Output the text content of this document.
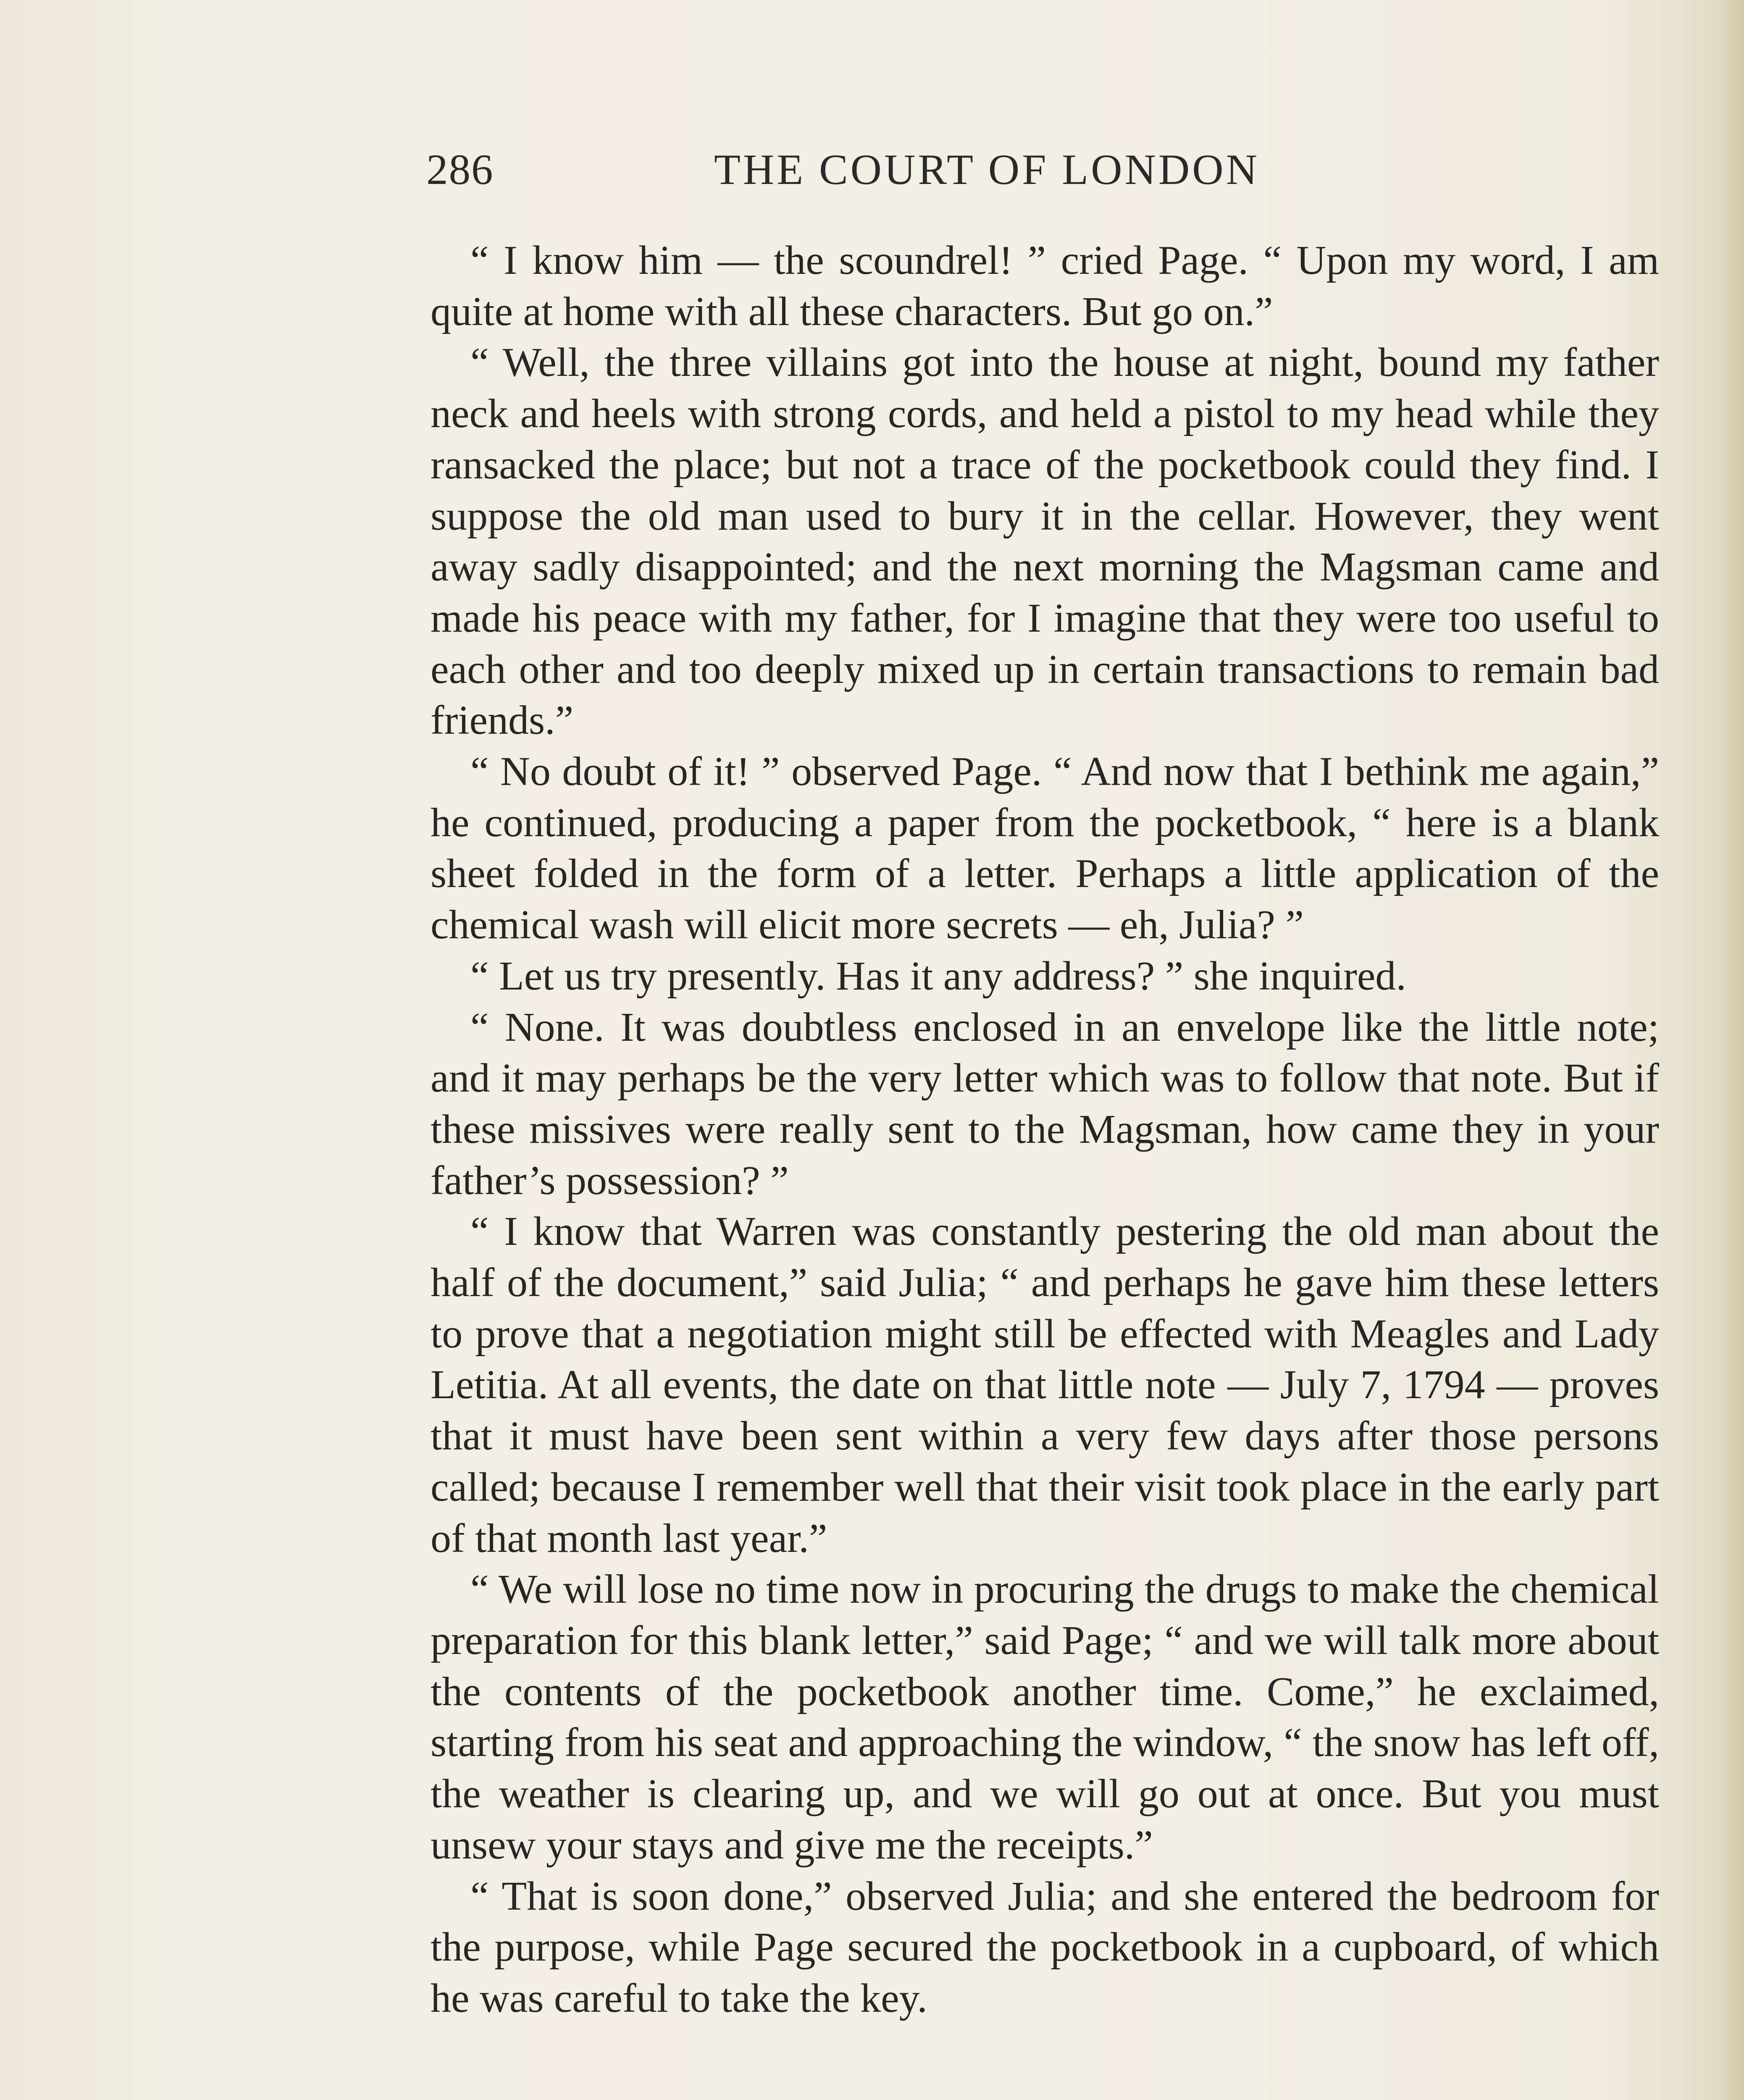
286	THE COURT OF LONDON

“ I know him — the scoundrel! ” cried Page. “ Upon my word, I am quite at home with all these characters. But go on.”

“ Well, the three villains got into the house at night, bound my father neck and heels with strong cords, and held a pistol to my head while they ransacked the place; but not a trace of the pocketbook could they find. I suppose the old man used to bury it in the cellar. However, they went away sadly disappointed; and the next morning the Magsman came and made his peace with my father, for I imagine that they were too useful to each other and too deeply mixed up in certain transactions to remain bad friends.”

“ No doubt of it! ” observed Page. “ And now that I bethink me again,” he continued, producing a paper from the pocketbook, “ here is a blank sheet folded in the form of a letter. Perhaps a little application of the chemical wash will elicit more secrets — eh, Julia? ”

“ Let us try presently. Has it any address? ” she inquired.

“ None. It was doubtless enclosed in an envelope like the little note; and it may perhaps be the very letter which was to follow that note. But if these missives were really sent to the Magsman, how came they in your father’s possession? ”

“ I know that Warren was constantly pestering the old man about the half of the document,” said Julia; “ and perhaps he gave him these letters to prove that a negotiation might still be effected with Meagles and Lady Letitia. At all events, the date on that little note — July 7, 1794 — proves that it must have been sent within a very few days after those persons called; because I remember well that their visit took place in the early part of that month last year.”

“ We will lose no time now in procuring the drugs to make the chemical preparation for this blank letter,” said Page; “ and we will talk more about the contents of the pocketbook another time. Come,” he exclaimed, starting from his seat and approaching the window, “ the snow has left off, the weather is clearing up, and we will go out at once. But you must unsew your stays and give me the receipts.”

“ That is soon done,” observed Julia; and she entered the bedroom for the purpose, while Page secured the pocketbook in a cupboard, of which he was careful to take the key.
